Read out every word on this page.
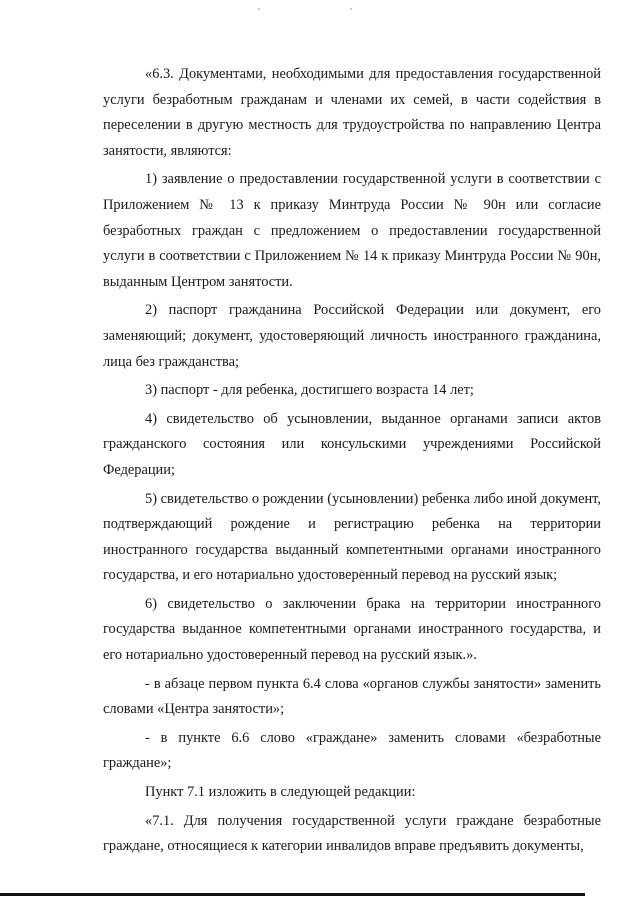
«6.3. Документами, необходимыми для предоставления государственной услуги безработным гражданам и членами их семей, в части содействия в переселении в другую местность для трудоустройства по направлению Центра занятости, являются:

1) заявление о предоставлении государственной услуги в соответствии с Приложением № 13 к приказу Минтруда России № 90н или согласие безработных граждан с предложением о предоставлении государственной услуги в соответствии с Приложением № 14 к приказу Минтруда России № 90н, выданным Центром занятости.

2) паспорт гражданина Российской Федерации или документ, его заменяющий; документ, удостоверяющий личность иностранного гражданина, лица без гражданства;

3) паспорт - для ребенка, достигшего возраста 14 лет;

4) свидетельство об усыновлении, выданное органами записи актов гражданского состояния или консульскими учреждениями Российской Федерации;

5) свидетельство о рождении (усыновлении) ребенка либо иной документ, подтверждающий рождение и регистрацию ребенка на территории иностранного государства выданный компетентными органами иностранного государства, и его нотариально удостоверенный перевод на русский язык;

6) свидетельство о заключении брака на территории иностранного государства выданное компетентными органами иностранного государства, и его нотариально удостоверенный перевод на русский язык.».

- в абзаце первом пункта 6.4 слова «органов службы занятости» заменить словами «Центра занятости»;

- в пункте 6.6 слово «граждане» заменить словами «безработные граждане»;

Пункт 7.1 изложить в следующей редакции:

«7.1. Для получения государственной услуги граждане безработные граждане, относящиеся к категории инвалидов вправе предъявить документы,
